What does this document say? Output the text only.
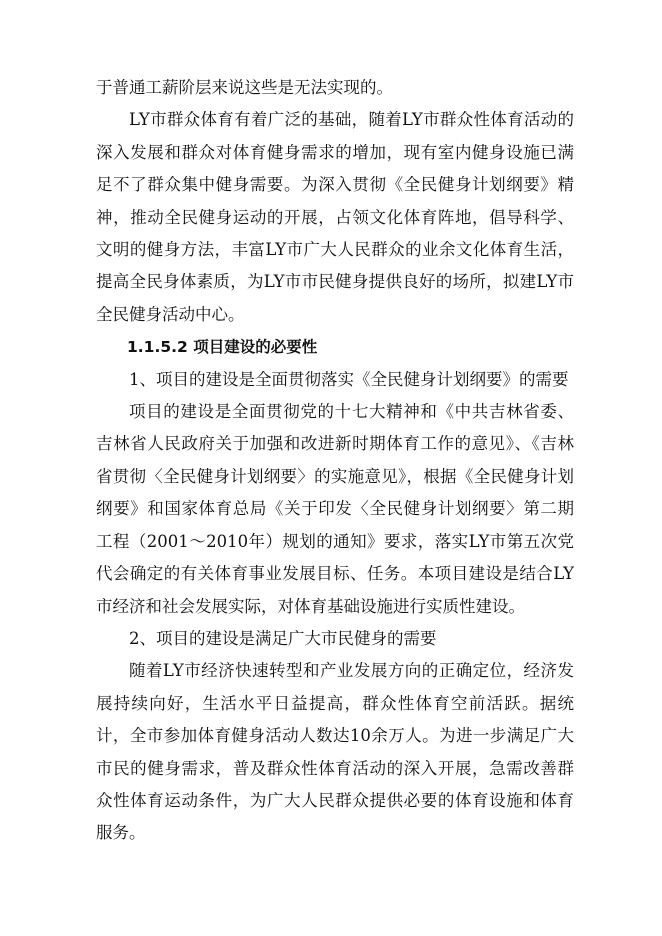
于普通工薪阶层来说这些是无法实现的。

LY市群众体育有着广泛的基础，随着LY市群众性体育活动的深入发展和群众对体育健身需求的增加，现有室内健身设施已满足不了群众集中健身需要。为深入贯彻《全民健身计划纲要》精神，推动全民健身运动的开展，占领文化体育阵地，倡导科学、文明的健身方法，丰富LY市广大人民群众的业余文化体育生活，提高全民身体素质，为LY市市民健身提供良好的场所，拟建LY市全民健身活动中心。

1.1.5.2 项目建设的必要性

1、项目的建设是全面贯彻落实《全民健身计划纲要》的需要

项目的建设是全面贯彻党的十七大精神和《中共吉林省委、吉林省人民政府关于加强和改进新时期体育工作的意见》、《吉林省贯彻〈全民健身计划纲要〉的实施意见》，根据《全民健身计划纲要》和国家体育总局《关于印发〈全民健身计划纲要〉第二期工程（2001～2010年）规划的通知》要求，落实LY市第五次党代会确定的有关体育事业发展目标、任务。本项目建设是结合LY市经济和社会发展实际，对体育基础设施进行实质性建设。

2、项目的建设是满足广大市民健身的需要

随着LY市经济快速转型和产业发展方向的正确定位，经济发展持续向好，生活水平日益提高，群众性体育空前活跃。据统计，全市参加体育健身活动人数达10余万人。为进一步满足广大市民的健身需求，普及群众性体育活动的深入开展，急需改善群众性体育运动条件，为广大人民群众提供必要的体育设施和体育服务。
